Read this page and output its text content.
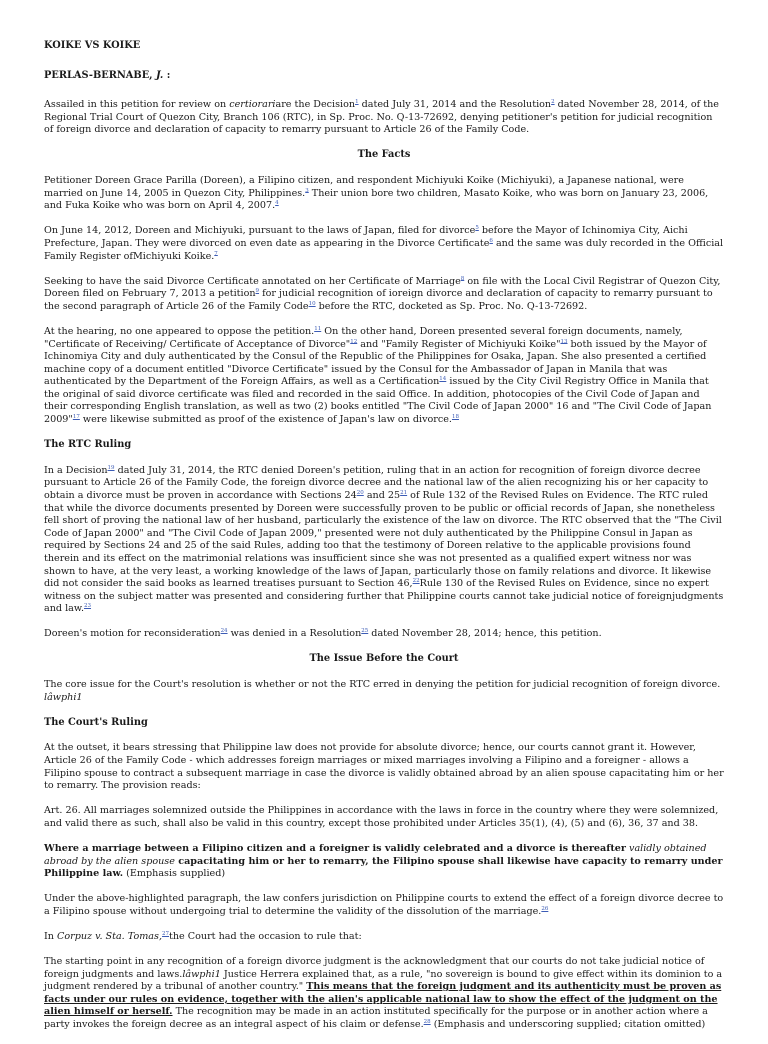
KOIKE VS KOIKE
PERLAS-BERNABE, J. :

Assailed in this petition for review on certiorariare the Decision$^1$ dated July 31, 2014 and the Resolution$^2$ dated November 28, 2014, of the Regional Trial Court of Quezon City, Branch 106 (RTC), in Sp. Proc. No. Q-13-72692, denying petitioner's petition for judicial recognition of foreign divorce and declaration of capacity to remarry pursuant to Article 26 of the Family Code.

The Facts

Petitioner Doreen Grace Parilla (Doreen), a Filipino citizen, and respondent Michiyuki Koike (Michiyuki), a Japanese national, were married on June 14, 2005 in Quezon City, Philippines.$^3$ Their union bore two children, Masato Koike, who was born on January 23, 2006, and Fuka Koike who was born on April 4, 2007.$^4$

On June 14, 2012, Doreen and Michiyuki, pursuant to the laws of Japan, filed for divorce$^5$ before the Mayor of Ichinomiya City, Aichi Prefecture, Japan. They were divorced on even date as appearing in the Divorce Certificate$^6$ and the same was duly recorded in the Official Family Register ofMichiyuki Koike.$^7$

Seeking to have the said Divorce Certificate annotated on her Certificate of Marriage$^8$ on file with the Local Civil Registrar of Quezon City, Doreen filed on February 7, 2013 a petition$^9$ for judicial recognition of ioreign divorce and declaration of capacity to remarry pursuant to the second paragraph of Article 26 of the Family Code$^{10}$ before the RTC, docketed as Sp. Proc. No. Q-13-72692.

At the hearing, no one appeared to oppose the petition.$^{11}$ On the other hand, Doreen presented several foreign documents, namely, "Certificate of Receiving/ Certificate of Acceptance of Divorce"$^{12}$ and "Family Register of Michiyuki Koike"$^{13}$ both issued by the Mayor of Ichinomiya City and duly authenticated by the Consul of the Republic of the Philippines for Osaka, Japan. She also presented a certified machine copy of a document entitled "Divorce Certificate" issued by the Consul for the Ambassador of Japan in Manila that was authenticated by the Department of the Foreign Affairs, as well as a Certification$^{14}$ issued by the City Civil Registry Office in Manila that the original of said divorce certificate was filed and recorded in the said Office. In addition, photocopies of the Civil Code of Japan and their corresponding English translation, as well as two (2) books entitled "The Civil Code of Japan 2000" 16 and "The Civil Code of Japan 2009"$^{17}$ were likewise submitted as proof of the existence of Japan's law on divorce.$^{18}$

The RTC Ruling

In a Decision$^{19}$ dated July 31, 2014, the RTC denied Doreen's petition, ruling that in an action for recognition of foreign divorce decree pursuant to Article 26 of the Family Code, the foreign divorce decree and the national law of the alien recognizing his or her capacity to obtain a divorce must be proven in accordance with Sections 24$^{20}$ and 25$^{21}$ of Rule 132 of the Revised Rules on Evidence. The RTC ruled that while the divorce documents presented by Doreen were successfully proven to be public or official records of Japan, she nonetheless fell short of proving the national law of her husband, particularly the existence of the law on divorce. The RTC observed that the "The Civil Code of Japan 2000" and "The Civil Code of Japan 2009," presented were not duly authenticated by the Philippine Consul in Japan as required by Sections 24 and 25 of the said Rules, adding too that the testimony of Doreen relative to the applicable provisions found therein and its effect on the matrimonial relations was insufficient since she was not presented as a qualified expert witness nor was shown to have, at the very least, a working knowledge of the laws of Japan, particularly those on family relations and divorce. It likewise did not consider the said books as learned treatises pursuant to Section 46,22Rule 130 of the Revised Rules on Evidence, since no expert witness on the subject matter was presented and considering further that Philippine courts cannot take judicial notice of foreignjudgments and law.$^{23}$

Doreen's motion for reconsideration$^{24}$ was denied in a Resolution$^{25}$ dated November 28, 2014; hence, this petition.

The Issue Before the Court

The core issue for the Court's resolution is whether or not the RTC erred in denying the petition for judicial recognition of foreign divorce. lâwphi1

The Court's Ruling

At the outset, it bears stressing that Philippine law does not provide for absolute divorce; hence, our courts cannot grant it. However, Article 26 of the Family Code - which addresses foreign marriages or mixed marriages involving a Filipino and a foreigner - allows a Filipino spouse to contract a subsequent marriage in case the divorce is validly obtained abroad by an alien spouse capacitating him or her to remarry. The provision reads:

Art. 26. All marriages solemnized outside the Philippines in accordance with the laws in force in the country where they were solemnized, and valid there as such, shall also be valid in this country, except those prohibited under Articles 35(1), (4), (5) and (6), 36, 37 and 38.

Where a marriage between a Filipino citizen and a foreigner is validly celebrated and a divorce is thereafter validly obtained abroad by the alien spouse capacitating him or her to remarry, the Filipino spouse shall likewise have capacity to remarry under Philippine law. (Emphasis supplied)

Under the above-highlighted paragraph, the law confers jurisdiction on Philippine courts to extend the effect of a foreign divorce decree to a Filipino spouse without undergoing trial to determine the validity of the dissolution of the marriage.$^{26}$

In Corpuz v. Sta. Tomas,$^{27}$the Court had the occasion to rule that:

The starting point in any recognition of a foreign divorce judgment is the acknowledgment that our courts do not take judicial notice of foreign judgments and laws.lâwphi1 Justice Herrera explained that, as a rule, "no sovereign is bound to give effect within its dominion to a judgment rendered by a tribunal of another country." This means that the foreign judgment and its authenticity must be proven as facts under our rules on evidence, together with the alien's applicable national law to show the effect of the judgment on the alien himself or herself. The recognition may be made in an action instituted specifically for the purpose or in another action where a party invokes the foreign decree as an integral aspect of his claim or defense.$^{28}$ (Emphasis and underscoring supplied; citation omitted)
